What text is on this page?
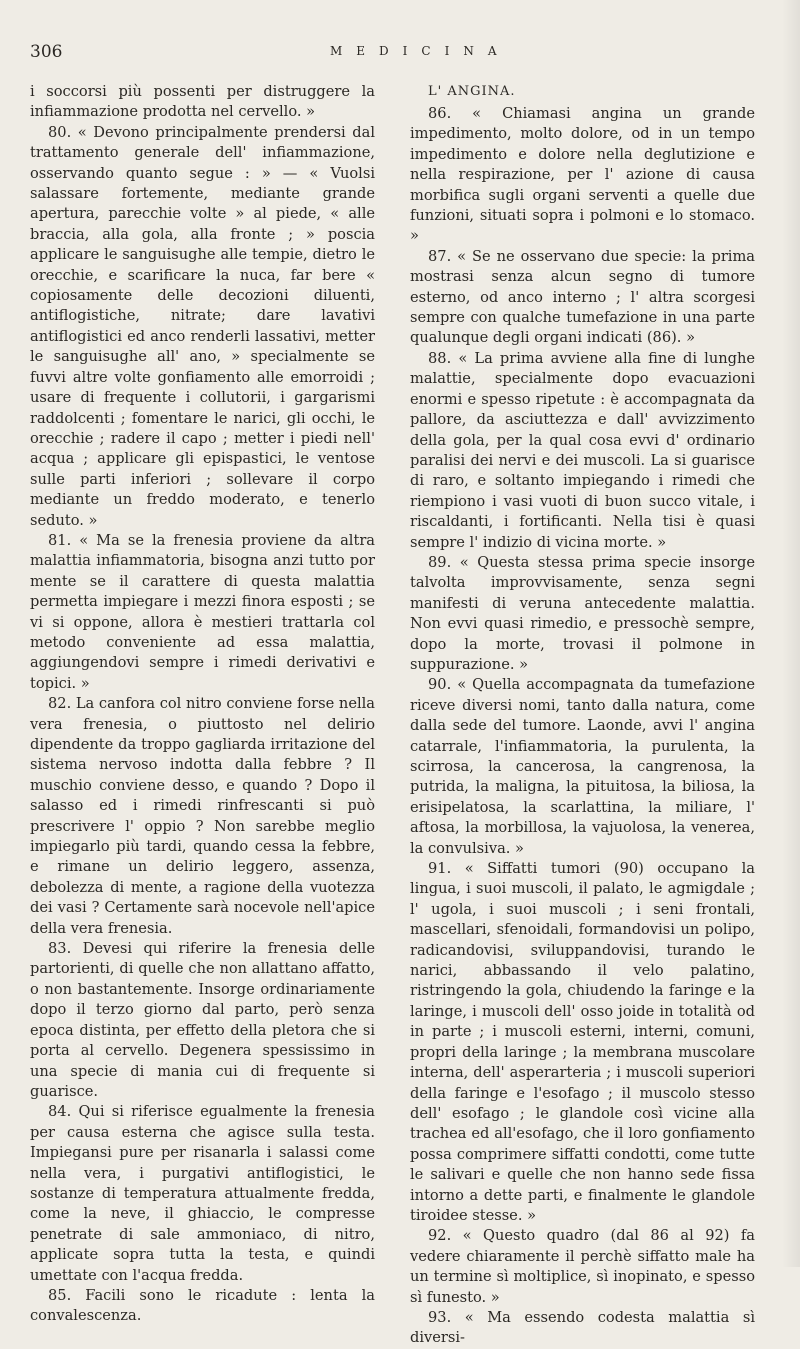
306	MEDICINA

i soccorsi più possenti per distruggere la infiammazione prodotta nel cervello. »

80. « Devono principalmente prendersi dal trattamento generale dell' infiammazione, osservando quanto segue : » — « Vuolsi salassare fortemente, mediante grande apertura, parecchie volte » al piede, « alle braccia, alla gola, alla fronte ; » poscia applicare le sanguisughe alle tempie, dietro le orecchie, e scarificare la nuca, far bere « copiosamente delle decozioni diluenti, antiflogistiche, nitrate; dare lavativi antiflogistici ed anco renderli lassativi, metter le sanguisughe all' ano, » specialmente se fuvvi altre volte gonfiamento alle emorroidi ; usare di frequente i collutorii, i gargarismi raddolcenti ; fomentare le narici, gli occhi, le orecchie ; radere il capo ; metter i piedi nell' acqua ; applicare gli epispastici, le ventose sulle parti inferiori ; sollevare il corpo mediante un freddo moderato, e tenerlo seduto. »

81. « Ma se la frenesia proviene da altra malattia infiammatoria, bisogna anzi tutto por mente se il carattere di questa malattia permetta impiegare i mezzi finora esposti ; se vi si oppone, allora è mestieri trattarla col metodo conveniente ad essa malattia, aggiungendovi sempre i rimedi derivativi e topici. »

82. La canfora col nitro conviene forse nella vera frenesia, o piuttosto nel delirio dipendente da troppo gagliarda irritazione del sistema nervoso indotta dalla febbre ? Il muschio conviene desso, e quando ? Dopo il salasso ed i rimedi rinfrescanti si può prescrivere l' oppio ? Non sarebbe meglio impiegarlo più tardi, quando cessa la febbre, e rimane un delirio leggero, assenza, debolezza di mente, a ragione della vuotezza dei vasi ? Certamente sarà nocevole nell'apice della vera frenesia.

83. Devesi qui riferire la frenesia delle partorienti, di quelle che non allattano affatto, o non bastantemente. Insorge ordinariamente dopo il terzo giorno dal parto, però senza epoca distinta, per effetto della pletora che si porta al cervello. Degenera spessissimo in una specie di mania cui di frequente si guarisce.

84. Qui si riferisce egualmente la frenesia per causa esterna che agisce sulla testa. Impiegansi pure per risanarla i salassi come nella vera, i purgativi antiflogistici, le sostanze di temperatura attualmente fredda, come la neve, il ghiaccio, le compresse penetrate di sale ammoniaco, di nitro, applicate sopra tutta la testa, e quindi umettate con l'acqua fredda.

85. Facili sono le ricadute : lenta la convalescenza.

L' ANGINA.

86. « Chiamasi angina un grande impedimento, molto dolore, od in un tempo impedimento e dolore nella deglutizione e nella respirazione, per l' azione di causa morbifica sugli organi serventi a quelle due funzioni, situati sopra i polmoni e lo stomaco. »

87. « Se ne osservano due specie: la prima mostrasi senza alcun segno di tumore esterno, od anco interno ; l' altra scorgesi sempre con qualche tumefazione in una parte qualunque degli organi indicati (86). »

88. « La prima avviene alla fine di lunghe malattie, specialmente dopo evacuazioni enormi e spesso ripetute : è accompagnata da pallore, da asciuttezza e dall' avvizzimento della gola, per la qual cosa evvi d' ordinario paralisi dei nervi e dei muscoli. La si guarisce di raro, e soltanto impiegando i rimedi che riempiono i vasi vuoti di buon succo vitale, i riscaldanti, i fortificanti. Nella tisi è quasi sempre l' indizio di vicina morte. »

89. « Questa stessa prima specie insorge talvolta improvvisamente, senza segni manifesti di veruna antecedente malattia. Non evvi quasi rimedio, e pressochè sempre, dopo la morte, trovasi il polmone in suppurazione. »

90. « Quella accompagnata da tumefazione riceve diversi nomi, tanto dalla natura, come dalla sede del tumore. Laonde, avvi l' angina catarrale, l'infiammatoria, la purulenta, la scirrosa, la cancerosa, la cangrenosa, la putrida, la maligna, la pituitosa, la biliosa, la erisipelatosa, la scarlattina, la miliare, l' aftosa, la morbillosa, la vajuolosa, la venerea, la convulsiva. »

91. « Siffatti tumori (90) occupano la lingua, i suoi muscoli, il palato, le agmigdale ; l' ugola, i suoi muscoli ; i seni frontali, mascellari, sfenoidali, formandovisi un polipo, radicandovisi, sviluppandovisi, turando le narici, abbassando il velo palatino, ristringendo la gola, chiudendo la faringe e la laringe, i muscoli dell' osso joide in totalità od in parte ; i muscoli esterni, interni, comuni, propri della laringe ; la membrana muscolare interna, dell' asperarteria ; i muscoli superiori della faringe e l'esofago ; il muscolo stesso dell' esofago ; le glandole così vicine alla trachea ed all'esofago, che il loro gonfiamento possa comprimere siffatti condotti, come tutte le salivari e quelle che non hanno sede fissa intorno a dette parti, e finalmente le glandole tiroidee stesse. »

92. « Questo quadro (dal 86 al 92) fa vedere chiaramente il perchè siffatto male ha un termine sì moltiplice, sì inopinato, e spesso sì funesto. »

93. « Ma essendo codesta malattia sì diversi-
